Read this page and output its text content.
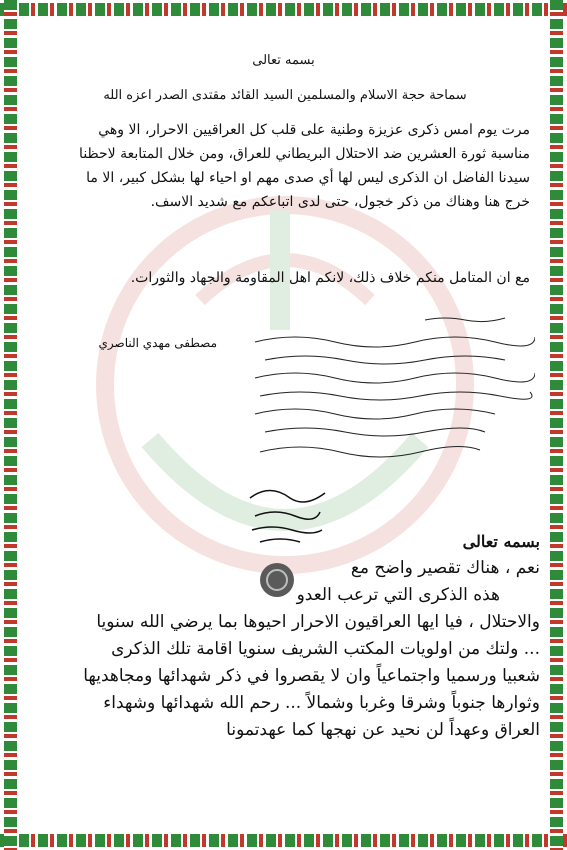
بسمه تعالى
سماحة حجة الاسلام والمسلمين السيد القائد مقتدى الصدر اعزه الله
مرت يوم امس ذكرى عزيزة وطنية على قلب كل العراقيين الاحرار، الا وهي مناسبة ثورة العشرين ضد الاحتلال البريطاني للعراق، ومن خلال المتابعة لاحظنا سيدنا الفاضل ان الذكرى ليس لها أي صدى مهم او احياء لها بشكل كبير، الا ما خرج هنا وهناك من ذكر خجول، حتى لدى اتباعكم مع شديد الاسف.
مع ان المتامل منكم خلاف ذلك، لانكم اهل المقاومة والجهاد والثورات.
مصطفى مهدي الناصري
بسمه تعالى
نعم ، هناك تقصير واضح مع
هذه الذكرى التي ترعب العدو
والاحتلال ، فيا ايها العراقيون الاحرار احيوها بما يرضي الله سنويا
... ولتك من اولويات المكتب الشريف سنويا اقامة تلك الذكرى
شعبيا ورسميا واجتماعياً وان لا يقصروا في ذكر شهدائها ومجاهديها
وثوارها جنوباً وشرقا وغربا وشمالاً ... رحم الله شهدائها وشهداء
العراق وعهداً لن نحيد عن نهجها كما عهدتمونا
